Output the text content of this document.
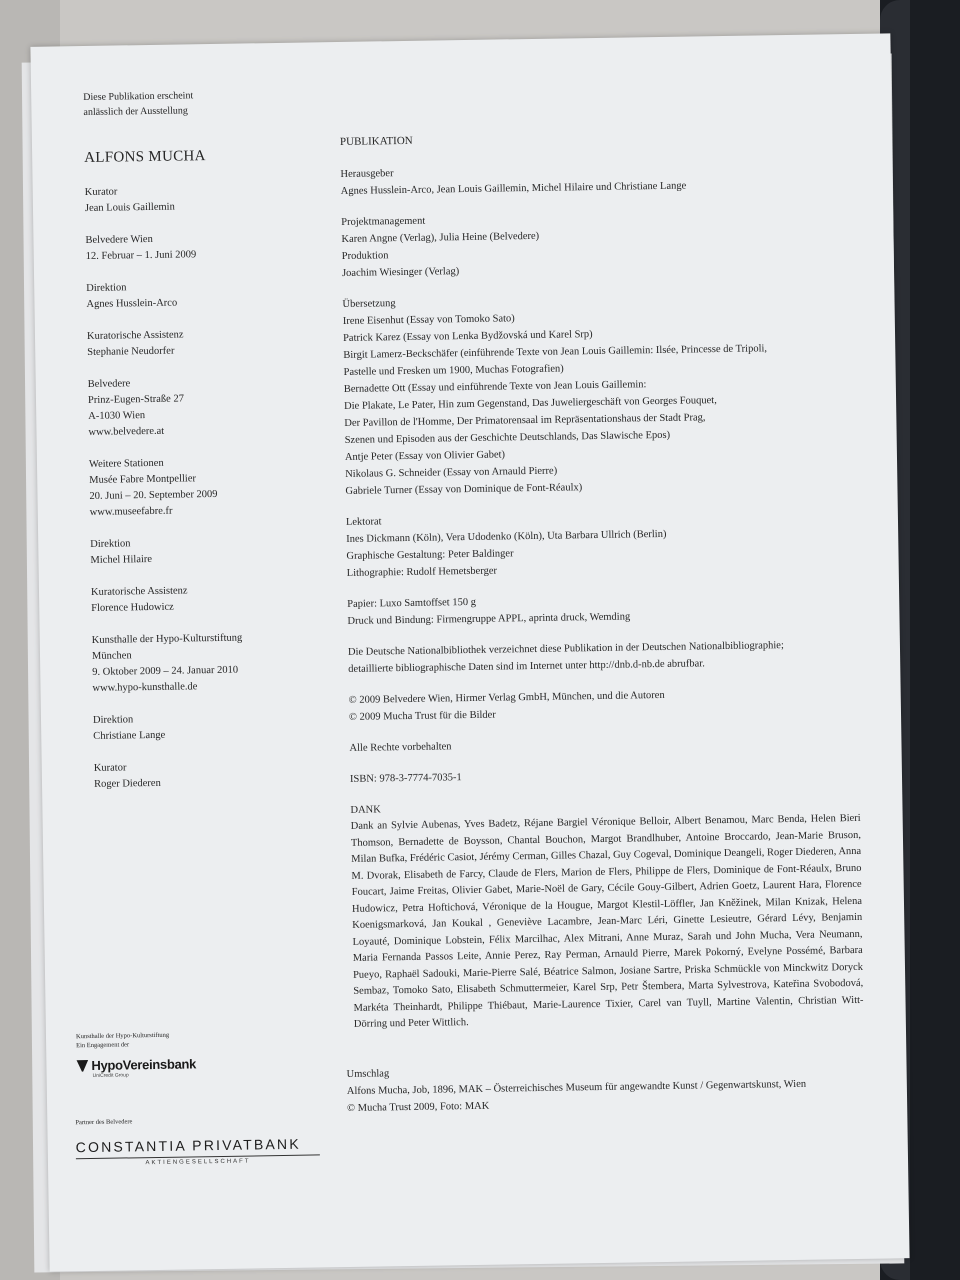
Diese Publikation erscheint
anlässlich der Ausstellung
ALFONS MUCHA
Kurator
Jean Louis Gaillemin
Belvedere Wien
12. Februar – 1. Juni 2009
Direktion
Agnes Husslein-Arco
Kuratorische Assistenz
Stephanie Neudorfer
Belvedere
Prinz-Eugen-Straße 27
A-1030 Wien
www.belvedere.at
Weitere Stationen
Musée Fabre Montpellier
20. Juni – 20. September 2009
www.museefabre.fr
Direktion
Michel Hilaire
Kuratorische Assistenz
Florence Hudowicz
Kunsthalle der Hypo-Kulturstiftung
München
9. Oktober 2009 – 24. Januar 2010
www.hypo-kunsthalle.de
Direktion
Christiane Lange
Kurator
Roger Diederen
PUBLIKATION
Herausgeber
Agnes Husslein-Arco, Jean Louis Gaillemin, Michel Hilaire und Christiane Lange
Projektmanagement
Karen Angne (Verlag), Julia Heine (Belvedere)
Produktion
Joachim Wiesinger (Verlag)
Übersetzung
Irene Eisenhut (Essay von Tomoko Sato)
Patrick Karez (Essay von Lenka Bydžovská und Karel Srp)
Birgit Lamerz-Beckschäfer (einführende Texte von Jean Louis Gaillemin: Ilsée, Princesse de Tripoli,
Pastelle und Fresken um 1900, Muchas Fotografien)
Bernadette Ott (Essay und einführende Texte von Jean Louis Gaillemin:
Die Plakate, Le Pater, Hin zum Gegenstand, Das Juweliergeschäft von Georges Fouquet,
Der Pavillon de l'Homme, Der Primatorensaal im Repräsentationshaus der Stadt Prag,
Szenen und Episoden aus der Geschichte Deutschlands, Das Slawische Epos)
Antje Peter (Essay von Olivier Gabet)
Nikolaus G. Schneider (Essay von Arnauld Pierre)
Gabriele Turner (Essay von Dominique de Font-Réaulx)
Lektorat
Ines Dickmann (Köln), Vera Udodenko (Köln), Uta Barbara Ullrich (Berlin)
Graphische Gestaltung: Peter Baldinger
Lithographie: Rudolf Hemetsberger
Papier: Luxo Samtoffset 150 g
Druck und Bindung: Firmengruppe APPL, aprinta druck, Wemding
Die Deutsche Nationalbibliothek verzeichnet diese Publikation in der Deutschen Nationalbibliographie;
detaillierte bibliographische Daten sind im Internet unter http://dnb.d-nb.de abrufbar.
© 2009 Belvedere Wien, Hirmer Verlag GmbH, München, und die Autoren
© 2009 Mucha Trust für die Bilder
Alle Rechte vorbehalten
ISBN: 978-3-7774-7035-1
DANK
Dank an Sylvie Aubenas, Yves Badetz, Réjane Bargiel Véronique Belloir, Albert Benamou, Marc Benda, Helen Bieri Thomson, Bernadette de Boysson, Chantal Bouchon, Margot Brandlhuber, Antoine Broccardo, Jean-Marie Bruson, Milan Bufka, Frédéric Casiot, Jérémy Cerman, Gilles Chazal, Guy Cogeval, Dominique Deangeli, Roger Diederen, Anna M. Dvorak, Elisabeth de Farcy, Claude de Flers, Marion de Flers, Philippe de Flers, Dominique de Font-Réaulx, Bruno Foucart, Jaime Freitas, Olivier Gabet, Marie-Noël de Gary, Cécile Gouy-Gilbert, Adrien Goetz, Laurent Hara, Florence Hudowicz, Petra Hoftichová, Véronique de la Hougue, Margot Klestil-Löffler, Jan Kněžinek, Milan Knizak, Helena Koenigsmarková, Jan Koukal , Geneviève Lacambre, Jean-Marc Léri, Ginette Lesieutre, Gérard Lévy, Benjamin Loyauté, Dominique Lobstein, Félix Marcilhac, Alex Mitrani, Anne Muraz, Sarah und John Mucha, Vera Neumann, Maria Fernanda Passos Leite, Annie Perez, Ray Perman, Arnauld Pierre, Marek Pokorný, Evelyne Possémé, Barbara Pueyo, Raphaël Sadouki, Marie-Pierre Salé, Béatrice Salmon, Josiane Sartre, Priska Schmückle von Minckwitz Doryck Sembaz, Tomoko Sato, Elisabeth Schmuttermeier, Karel Srp, Petr Štembera, Marta Sylvestrova, Kateřina Svobodová, Markéta Theinhardt, Philippe Thiébaut, Marie-Laurence Tixier, Carel van Tuyll, Martine Valentin, Christian Witt-Dörring und Peter Wittlich.
Umschlag
Alfons Mucha, Job, 1896, MAK – Österreichisches Museum für angewandte Kunst / Gegenwartskunst, Wien
© Mucha Trust 2009, Foto: MAK
Kunsthalle der Hypo-Kulturstiftung
Ein Engagement der
HypoVereinsbank
UniCredit Group
Partner des Belvedere
CONSTANTIA PRIVATBANK
AKTIENGESELLSCHAFT
